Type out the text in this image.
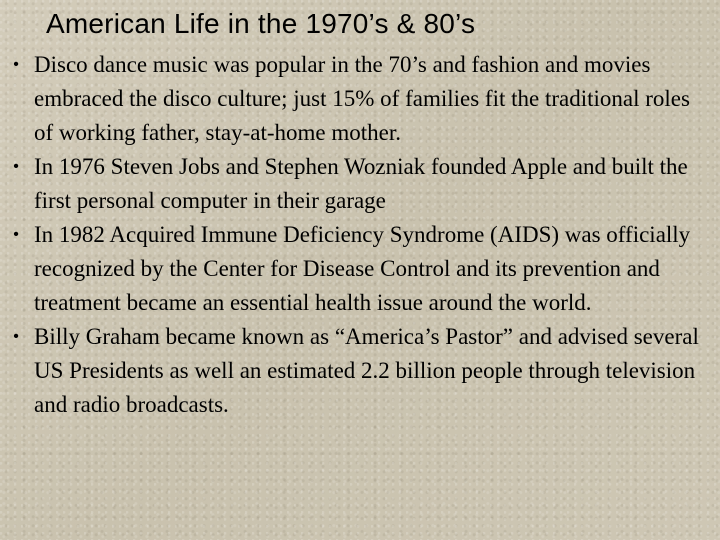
American Life in the 1970’s & 80’s
• Disco dance music was popular in the 70’s and fashion and movies embraced the disco culture; just 15% of families fit the traditional roles of working father, stay-at-home mother.
• In 1976 Steven Jobs and Stephen Wozniak founded Apple and built the first personal computer in their garage
• In 1982 Acquired Immune Deficiency Syndrome (AIDS) was officially recognized by the Center for Disease Control and its prevention and treatment became an essential health issue around the world.
• Billy Graham became known as “America’s Pastor” and advised several US Presidents as well an estimated 2.2 billion people through television and radio broadcasts.
